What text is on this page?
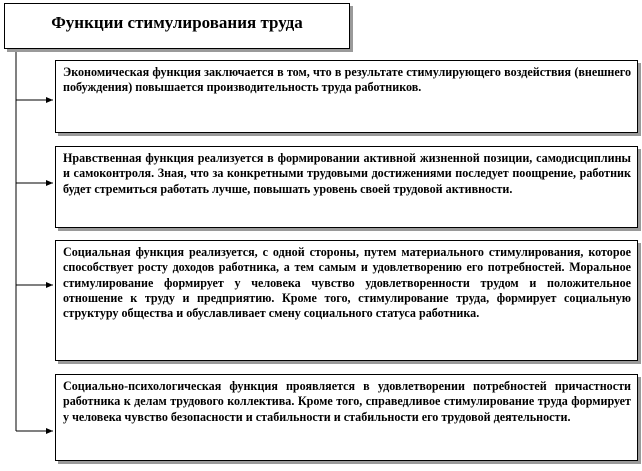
Функции стимулирования труда

Экономическая функция заключается в том, что в результате стимулирующего воздействия (внешнего побуждения) повышается производительность труда работников.

Нравственная функция реализуется в формировании активной жизненной позиции, самодисциплины и самоконтроля. Зная, что за конкретными трудовыми достижениями последует поощрение, работник будет стремиться работать лучше, повышать уровень своей трудовой активности.

Социальная функция реализуется, с одной стороны, путем материального стимулирования, которое способствует росту доходов работника, а тем самым и удовлетворению его потребностей. Моральное стимулирование формирует у человека чувство удовлетворенности трудом и положительное отношение к труду и предприятию. Кроме того, стимулирование труда, формирует социальную структуру общества и обуславливает смену социального статуса работника.

Социально-психологическая функция проявляется в удовлетворении потребностей причастности работника к делам трудового коллектива. Кроме того, справедливое стимулирование труда формирует у человека чувство безопасности и стабильности и стабильности его трудовой деятельности.
